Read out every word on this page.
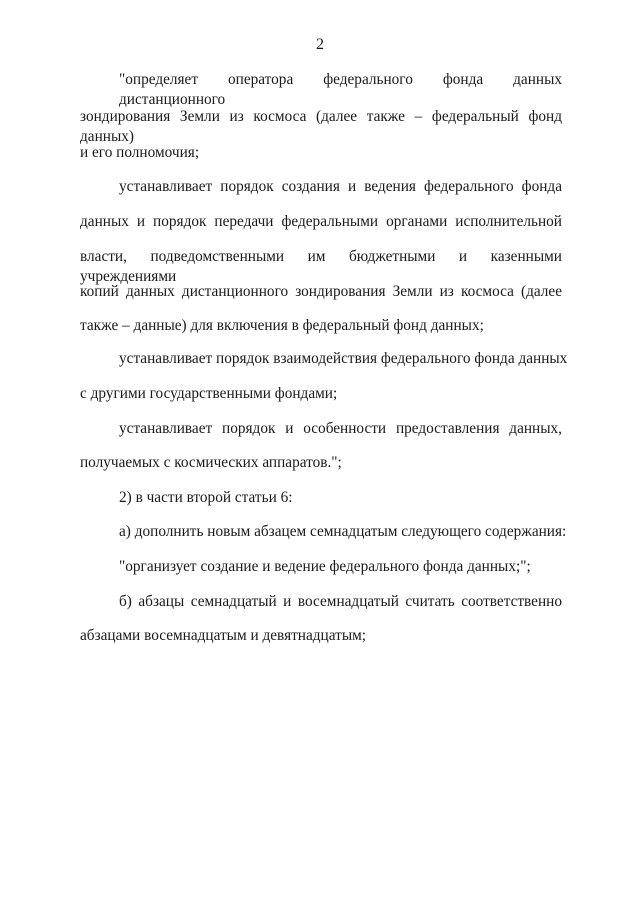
2
"определяет оператора федерального фонда данных дистанционного
зондирования Земли из космоса (далее также – федеральный фонд данных)
и его полномочия;
устанавливает порядок создания и ведения федерального фонда
данных и порядок передачи федеральными органами исполнительной
власти, подведомственными им бюджетными и казенными учреждениями
копий данных дистанционного зондирования Земли из космоса (далее
также – данные) для включения в федеральный фонд данных;
устанавливает порядок взаимодействия федерального фонда данных
с другими государственными фондами;
устанавливает порядок и особенности предоставления данных,
получаемых с космических аппаратов.";
2) в части второй статьи 6:
а) дополнить новым абзацем семнадцатым следующего содержания:
"организует создание и ведение федерального фонда данных;";
б) абзацы семнадцатый и восемнадцатый считать соответственно
абзацами восемнадцатым и девятнадцатым;
